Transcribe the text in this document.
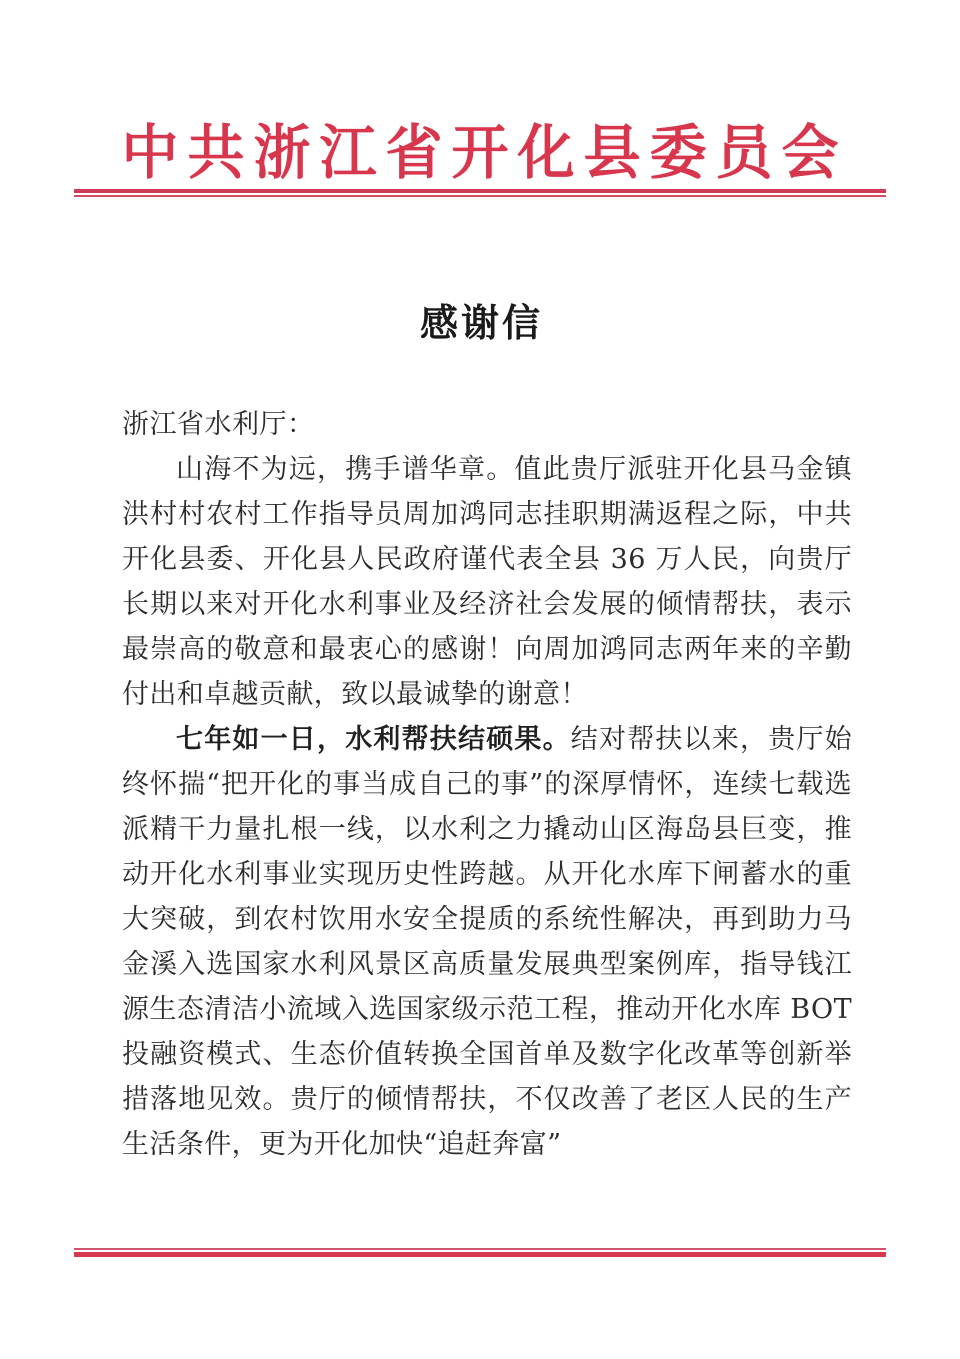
中共浙江省开化县委员会
感谢信
浙江省水利厅：

山海不为远，携手谱华章。值此贵厅派驻开化县马金镇洪村村农村工作指导员周加鸿同志挂职期满返程之际，中共开化县委、开化县人民政府谨代表全县 36 万人民，向贵厅长期以来对开化水利事业及经济社会发展的倾情帮扶，表示最崇高的敬意和最衷心的感谢！向周加鸿同志两年来的辛勤付出和卓越贡献，致以最诚挚的谢意！

七年如一日，水利帮扶结硕果。结对帮扶以来，贵厅始终怀揣“把开化的事当成自己的事”的深厚情怀，连续七载选派精干力量扎根一线，以水利之力撬动山区海岛县巨变，推动开化水利事业实现历史性跨越。从开化水库下闸蓄水的重大突破，到农村饮用水安全提质的系统性解决，再到助力马金溪入选国家水利风景区高质量发展典型案例库，指导钱江源生态清洁小流域入选国家级示范工程，推动开化水库 BOT 投融资模式、生态价值转换全国首单及数字化改革等创新举措落地见效。贵厅的倾情帮扶，不仅改善了老区人民的生产生活条件，更为开化加快“追赶奔富”
